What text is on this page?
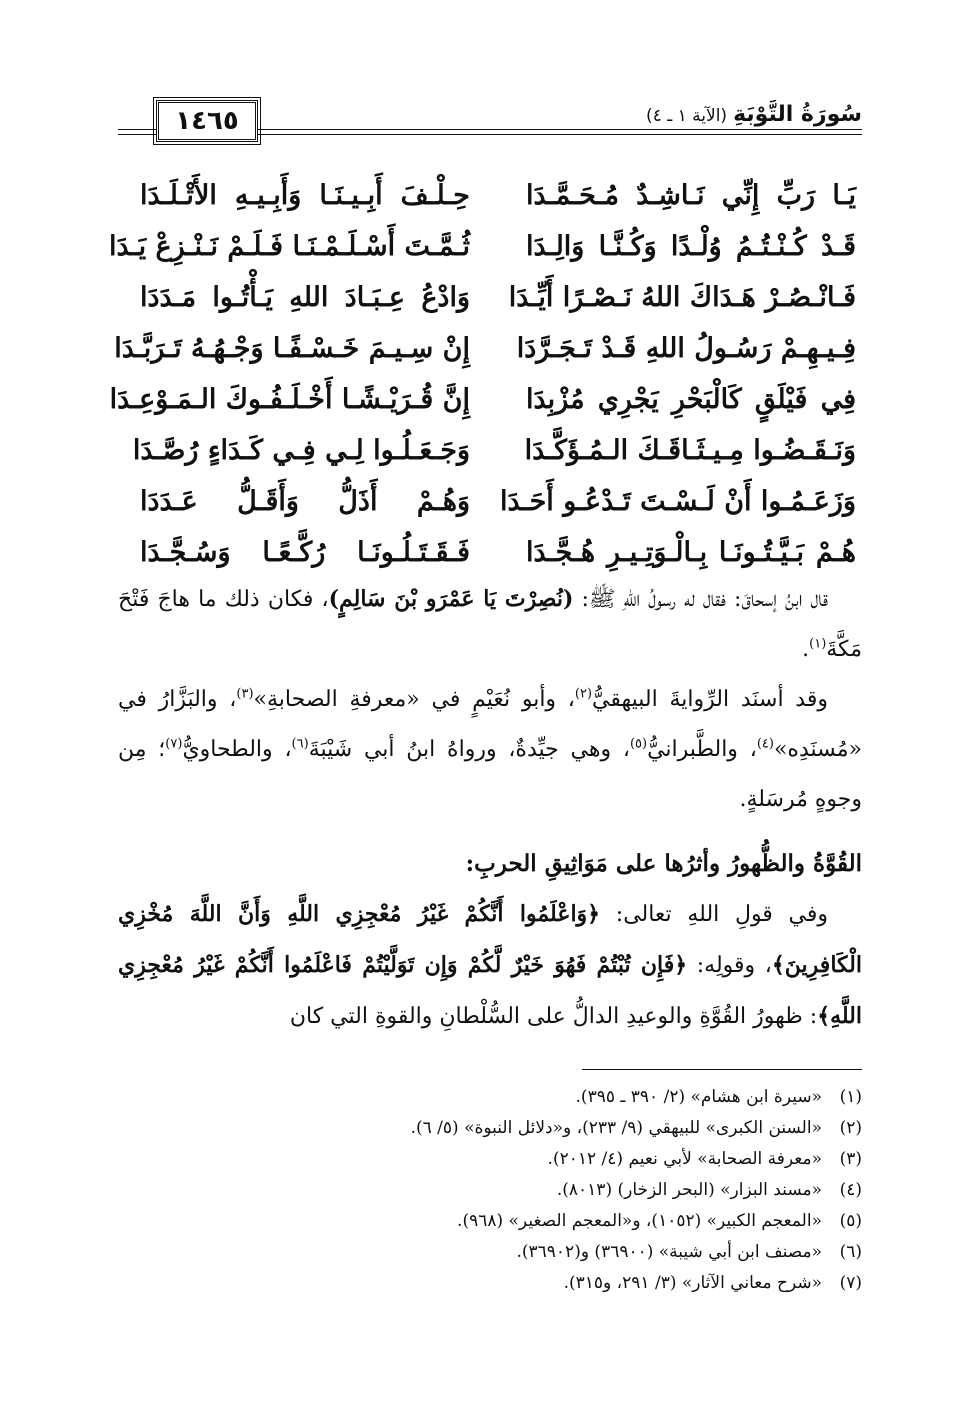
سُورَةُ التَّوْبَةِ(الآية ١ ـ ٤)
١٤٦٥
يَـا رَبِّ إِنِّي نَـاشِـدٌ مُـحَـمَّـدَا
حِـلْـفَ أَبِـيـنَـا وَأَبِـيـهِ الأَتْـلَـدَا
قَـدْ كُـنْـتُـمُ وُلْـدًا وَكُـنَّـا وَالِـدَا
ثُـمَّـتَ أَسْـلَـمْـنَـا فَـلَـمْ نَـنْـزِعْ يَـدَا
فَـانْـصُـرْ هَـدَاكَ اللهُ نَـصْـرًا أَيِّـدَا
وَادْعُ عِـبَـادَ اللهِ يَـأْتُـوا مَـدَدَا
فِـيـهِـمْ رَسُـولُ اللهِ قَـدْ تَـجَـرَّدَا
إِنْ سِـيـمَ خَـسْـفًـا وَجْـهُـهُ تَـرَبَّـدَا
فِي فَيْلَقٍ كَالْبَحْرِ يَجْرِي مُزْبِدَا
إِنَّ قُـرَيْـشًـا أَخْـلَـفُـوكَ الـمَـوْعِـدَا
وَنَـقَـضُـوا مِـيـثَـاقَـكَ الـمُـؤَكَّـدَا
وَجَـعَـلُـوا لِـي فِـي كَـدَاءٍ رُصَّـدَا
وَزَعَـمُـوا أَنْ لَـسْـتَ تَـدْعُـو أَحَـدَا
وَهُـمْ أَذَلُّ وَأَقَـلُّ عَـدَدَا
هُـمْ بَـيَّـتُـونَـا بِـالْـوَتِـيـرِ هُـجَّـدَا
فَـقَـتَـلُـونَـا رُكَّـعًـا وَسُـجَّـدَا

قال ابنُ إسحاقَ: فقال له رسولُ اللهِ ﷺ: (نُصِرْتَ يَا عَمْرَو بْنَ سَالِمٍ)، فكان ذلك ما هاجَ فَتْحَ مَكَّةَ$^{(١)}$.

وقد أسنَد الرِّوايةَ البيهقيُّ$^{(٢)}$، وأبو نُعَيْمٍ في «معرفةِ الصحابةِ»$^{(٣)}$، والبَزَّارُ في «مُسنَدِه»$^{(٤)}$، والطَّبرانيُّ$^{(٥)}$، وهي جيِّدةٌ، ورواهُ ابنُ أبي شَيْبَةَ$^{(٦)}$، والطحاويُّ$^{(٧)}$؛ مِن وجوهٍ مُرسَلةٍ.

القُوَّةُ والظُّهورُ وأثرُها على مَوَاثِيقِ الحربِ:

وفي قولِ اللهِ تعالى: ﴿وَاعْلَمُوا أَنَّكُمْ غَيْرُ مُعْجِزِي اللَّهِ وَأَنَّ اللَّهَ مُخْزِي الْكَافِرِينَ﴾، وقولِه: ﴿فَإِن تُبْتُمْ فَهُوَ خَيْرٌ لَّكُمْ وَإِن تَوَلَّيْتُمْ فَاعْلَمُوا أَنَّكُمْ غَيْرُ مُعْجِزِي اللَّهِ﴾: ظهورُ القُوَّةِ والوعيدِ الدالُّ على السُّلْطانِ والقوةِ التي كان

(١)«سيرة ابن هشام» (٢/ ٣٩٠ ـ ٣٩٥).
(٢)«السنن الكبرى» للبيهقي (٩/ ٢٣٣)، و«دلائل النبوة» (٥/ ٦).
(٣)«معرفة الصحابة» لأبي نعيم (٤/ ٢٠١٢).
(٤)«مسند البزار» (البحر الزخار) (٨٠١٣).
(٥)«المعجم الكبير» (١٠٥٢)، و«المعجم الصغير» (٩٦٨).
(٦)«مصنف ابن أبي شيبة» (٣٦٩٠٠) و(٣٦٩٠٢).
(٧)«شرح معاني الآثار» (٣/ ٢٩١، و٣١٥).
